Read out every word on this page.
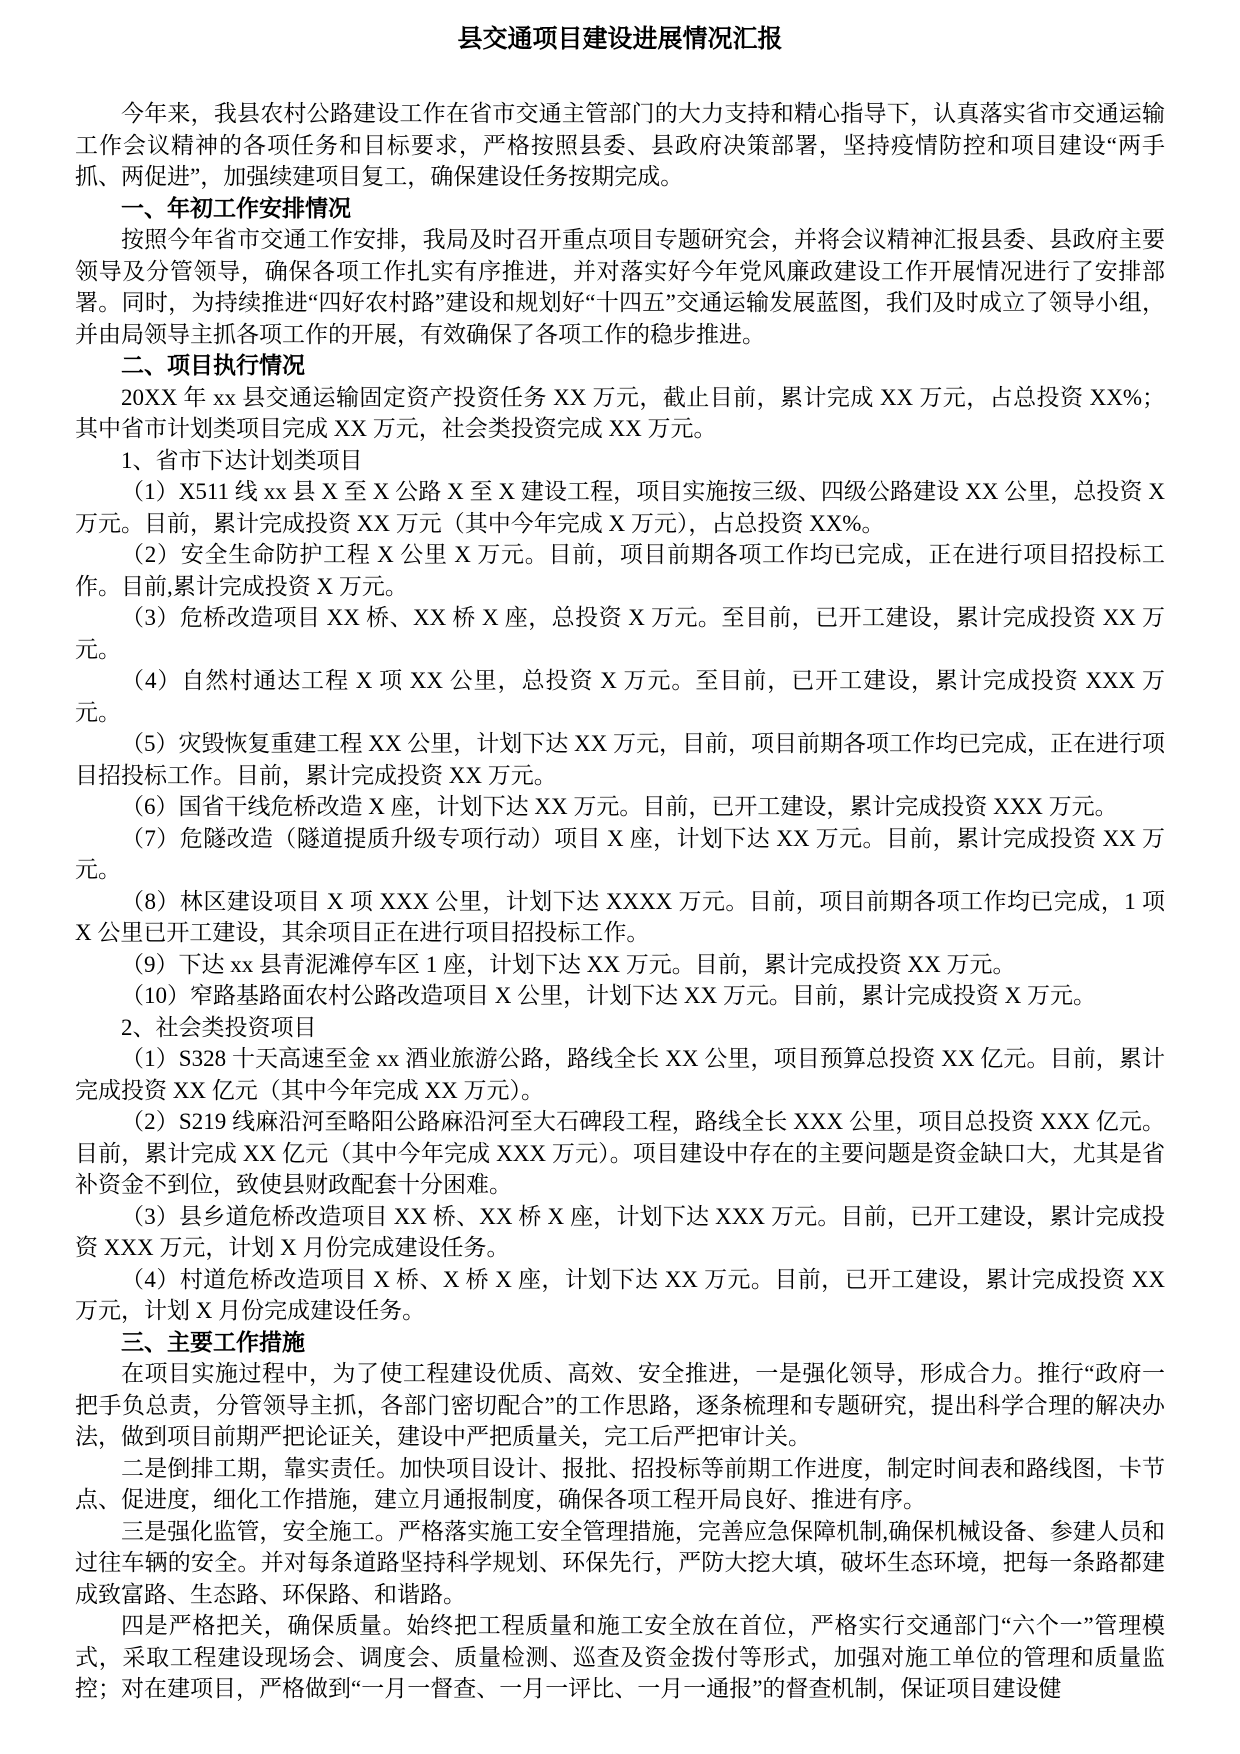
县交通项目建设进展情况汇报

今年来，我县农村公路建设工作在省市交通主管部门的大力支持和精心指导下，认真落实省市交通运输工作会议精神的各项任务和目标要求，严格按照县委、县政府决策部署，坚持疫情防控和项目建设“两手抓、两促进”，加强续建项目复工，确保建设任务按期完成。

一、年初工作安排情况

按照今年省市交通工作安排，我局及时召开重点项目专题研究会，并将会议精神汇报县委、县政府主要领导及分管领导，确保各项工作扎实有序推进，并对落实好今年党风廉政建设工作开展情况进行了安排部署。同时，为持续推进“四好农村路”建设和规划好“十四五”交通运输发展蓝图，我们及时成立了领导小组，并由局领导主抓各项工作的开展，有效确保了各项工作的稳步推进。

二、项目执行情况

20XX 年 xx 县交通运输固定资产投资任务 XX 万元，截止目前，累计完成 XX 万元，占总投资 XX%；其中省市计划类项目完成 XX 万元，社会类投资完成 XX 万元。

1、省市下达计划类项目

（1）X511 线 xx 县 X 至 X 公路 X 至 X 建设工程，项目实施按三级、四级公路建设 XX 公里，总投资 X 万元。目前，累计完成投资 XX 万元（其中今年完成 X 万元），占总投资 XX%。

（2）安全生命防护工程 X 公里 X 万元。目前，项目前期各项工作均已完成，正在进行项目招投标工作。目前,累计完成投资 X 万元。

（3）危桥改造项目 XX 桥、XX 桥 X 座，总投资 X 万元。至目前，已开工建设，累计完成投资 XX 万元。

（4）自然村通达工程 X 项 XX 公里，总投资 X 万元。至目前，已开工建设，累计完成投资 XXX 万元。

（5）灾毁恢复重建工程 XX 公里，计划下达 XX 万元，目前，项目前期各项工作均已完成，正在进行项目招投标工作。目前，累计完成投资 XX 万元。

（6）国省干线危桥改造 X 座，计划下达 XX 万元。目前，已开工建设，累计完成投资 XXX 万元。

（7）危隧改造（隧道提质升级专项行动）项目 X 座，计划下达 XX 万元。目前，累计完成投资 XX 万元。

（8）林区建设项目 X 项 XXX 公里，计划下达 XXXX 万元。目前，项目前期各项工作均已完成，1 项 X 公里已开工建设，其余项目正在进行项目招投标工作。

（9）下达 xx 县青泥滩停车区 1 座，计划下达 XX 万元。目前，累计完成投资 XX 万元。

（10）窄路基路面农村公路改造项目 X 公里，计划下达 XX 万元。目前，累计完成投资 X 万元。

2、社会类投资项目

（1）S328 十天高速至金 xx 酒业旅游公路，路线全长 XX 公里，项目预算总投资 XX 亿元。目前，累计完成投资 XX 亿元（其中今年完成 XX 万元）。

（2）S219 线麻沿河至略阳公路麻沿河至大石碑段工程，路线全长 XXX 公里，项目总投资 XXX 亿元。目前，累计完成 XX 亿元（其中今年完成 XXX 万元）。项目建设中存在的主要问题是资金缺口大，尤其是省补资金不到位，致使县财政配套十分困难。

（3）县乡道危桥改造项目 XX 桥、XX 桥 X 座，计划下达 XXX 万元。目前，已开工建设，累计完成投资 XXX 万元，计划 X 月份完成建设任务。

（4）村道危桥改造项目 X 桥、X 桥 X 座，计划下达 XX 万元。目前，已开工建设，累计完成投资 XX 万元，计划 X 月份完成建设任务。

三、主要工作措施

在项目实施过程中，为了使工程建设优质、高效、安全推进，一是强化领导，形成合力。推行“政府一把手负总责，分管领导主抓，各部门密切配合”的工作思路，逐条梳理和专题研究，提出科学合理的解决办法，做到项目前期严把论证关，建设中严把质量关，完工后严把审计关。

二是倒排工期，靠实责任。加快项目设计、报批、招投标等前期工作进度，制定时间表和路线图，卡节点、促进度，细化工作措施，建立月通报制度，确保各项工程开局良好、推进有序。

三是强化监管，安全施工。严格落实施工安全管理措施，完善应急保障机制,确保机械设备、参建人员和过往车辆的安全。并对每条道路坚持科学规划、环保先行，严防大挖大填，破坏生态环境，把每一条路都建成致富路、生态路、环保路、和谐路。

四是严格把关，确保质量。始终把工程质量和施工安全放在首位，严格实行交通部门“六个一”管理模式，采取工程建设现场会、调度会、质量检测、巡查及资金拨付等形式，加强对施工单位的管理和质量监控；对在建项目，严格做到“一月一督查、一月一评比、一月一通报”的督查机制，保证项目建设健
